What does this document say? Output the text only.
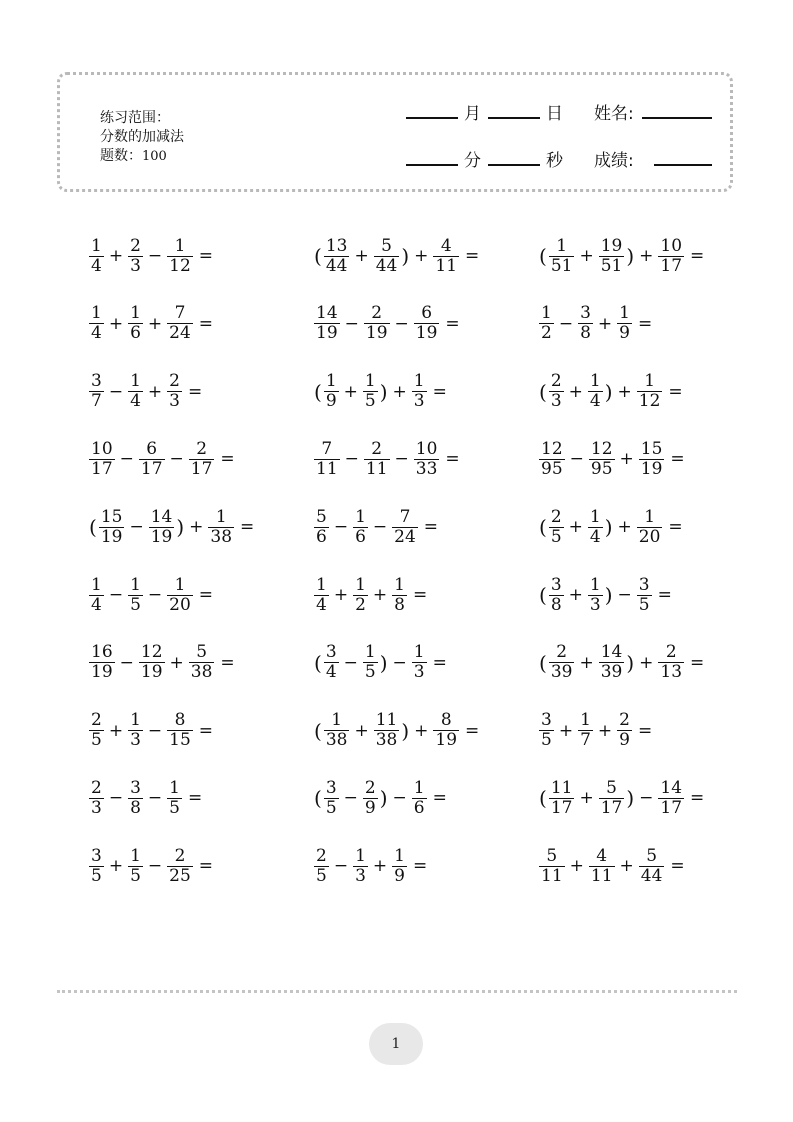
练习范围：
分数的加减法
题数：100
月	日 姓名:
分	秒 成绩:
$\frac{1}{4} + \frac{2}{3} - \frac{1}{12}$ =
$\frac{1}{4} + \frac{1}{6} + \frac{7}{24}$ =
$\frac{3}{7} - \frac{1}{4} + \frac{2}{3}$ =
$\frac{10}{17} - \frac{6}{17} - \frac{2}{17}$ =
( $\frac{15}{19} - \frac{14}{19}$ ) + $\frac{1}{38}$ =
$\frac{1}{4} - \frac{1}{5} - \frac{1}{20}$ =
$\frac{16}{19} - \frac{12}{19} + \frac{5}{38}$ =
$\frac{2}{5} + \frac{1}{3} - \frac{8}{15}$ =
$\frac{2}{3} - \frac{3}{8} - \frac{1}{5}$ =
$\frac{3}{5} + \frac{1}{5} - \frac{2}{25}$ =
( $\frac{13}{44} + \frac{5}{44}$ ) + $\frac{4}{11}$ =
$\frac{14}{19} - \frac{2}{19} - \frac{6}{19}$ =
( $\frac{1}{9} + \frac{1}{5}$ ) + $\frac{1}{3}$ =
$\frac{7}{11} - \frac{2}{11} - \frac{10}{33}$ =
$\frac{5}{6} - \frac{1}{6} - \frac{7}{24}$ =
$\frac{1}{4} + \frac{1}{2} + \frac{1}{8}$ =
( $\frac{3}{4} - \frac{1}{5}$ ) − $\frac{1}{3}$ =
( $\frac{1}{38} + \frac{11}{38}$ ) + $\frac{8}{19}$ =
( $\frac{3}{5} - \frac{2}{9}$ ) − $\frac{1}{6}$ =
$\frac{2}{5} - \frac{1}{3} + \frac{1}{9}$ =
( $\frac{1}{51} + \frac{19}{51}$ ) + $\frac{10}{17}$ =
$\frac{1}{2} - \frac{3}{8} + \frac{1}{9}$ =
( $\frac{2}{3} + \frac{1}{4}$ ) + $\frac{1}{12}$ =
$\frac{12}{95} - \frac{12}{95} + \frac{15}{19}$ =
( $\frac{2}{5} + \frac{1}{4}$ ) + $\frac{1}{20}$ =
( $\frac{3}{8} + \frac{1}{3}$ ) − $\frac{3}{5}$ =
( $\frac{2}{39} + \frac{14}{39}$ ) + $\frac{2}{13}$ =
$\frac{3}{5} + \frac{1}{7} + \frac{2}{9}$ =
( $\frac{11}{17} + \frac{5}{17}$ ) − $\frac{14}{17}$ =
$\frac{5}{11} + \frac{4}{11} + \frac{5}{44}$ =
1
